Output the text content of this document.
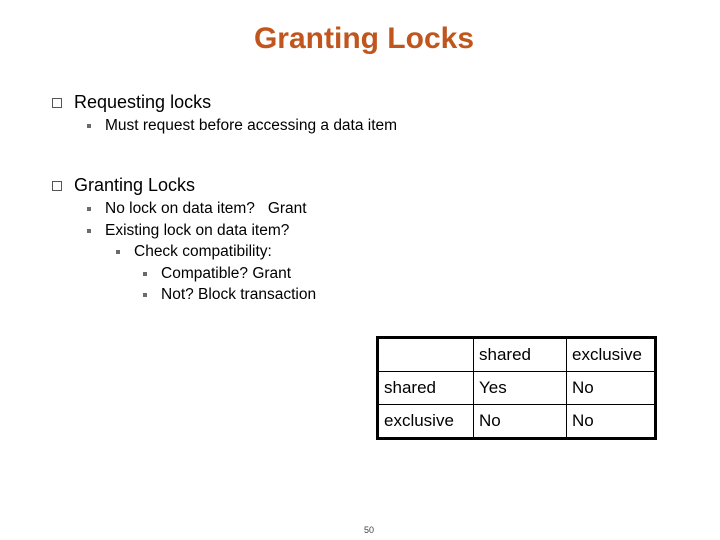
Granting Locks
Requesting locks
Must request before accessing a data item
Granting Locks
No lock on data item?   Grant
Existing lock on data item?
Check compatibility:
Compatible? Grant
Not? Block transaction
	shared	exclusive
shared	Yes	No
exclusive	No	No
50
